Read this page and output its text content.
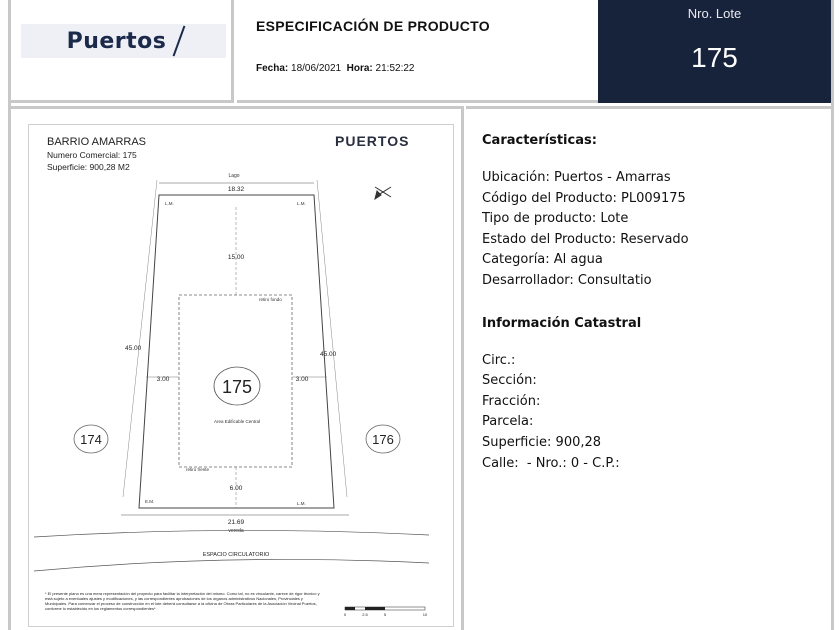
Puertos
ESPECIFICACIÓN DE PRODUCTO
Fecha: 18/06/2021 Hora: 21:52:22
Nro. Lote
175
BARRIO AMARRAS
Numero Comercial: 175
Superficie: 900,28 M2
PUERTOS
Lago
18.32
15.00
retiro fondo
45.00
45.00
3.00	3.00
175
Area Edificable Central
retiro frente
174	176
6.00
L.M.	L.M.
E.M.	L.M.
21.69
vereda
ESPACIO CIRCULATORIO
* El presente plano es una mera representación del proyecto para facilitar la interpretación del mismo. Como tal, no es vinculante, carece de rigor técnico y está sujeto a eventuales ajustes y modificaciones, y las correspondientes aprobaciones de los órganos administrativos Nacionales, Provinciales y Municipales. Para comenzar el proceso de construcción en el lote deberá consultarse a la oficina de Obras Particulares de la Asociación Vecinal Puertos, conforme lo establecido en los reglamentos correspondientes*
0	2.5	5	10
Características:
Ubicación: Puertos - Amarras
Código del Producto: PL009175
Tipo de producto: Lote
Estado del Producto: Reservado
Categoría: Al agua
Desarrollador: Consultatio
Información Catastral
Circ.:
Sección:
Fracción:
Parcela:
Superficie: 900,28
Calle:  - Nro.: 0 - C.P.:
